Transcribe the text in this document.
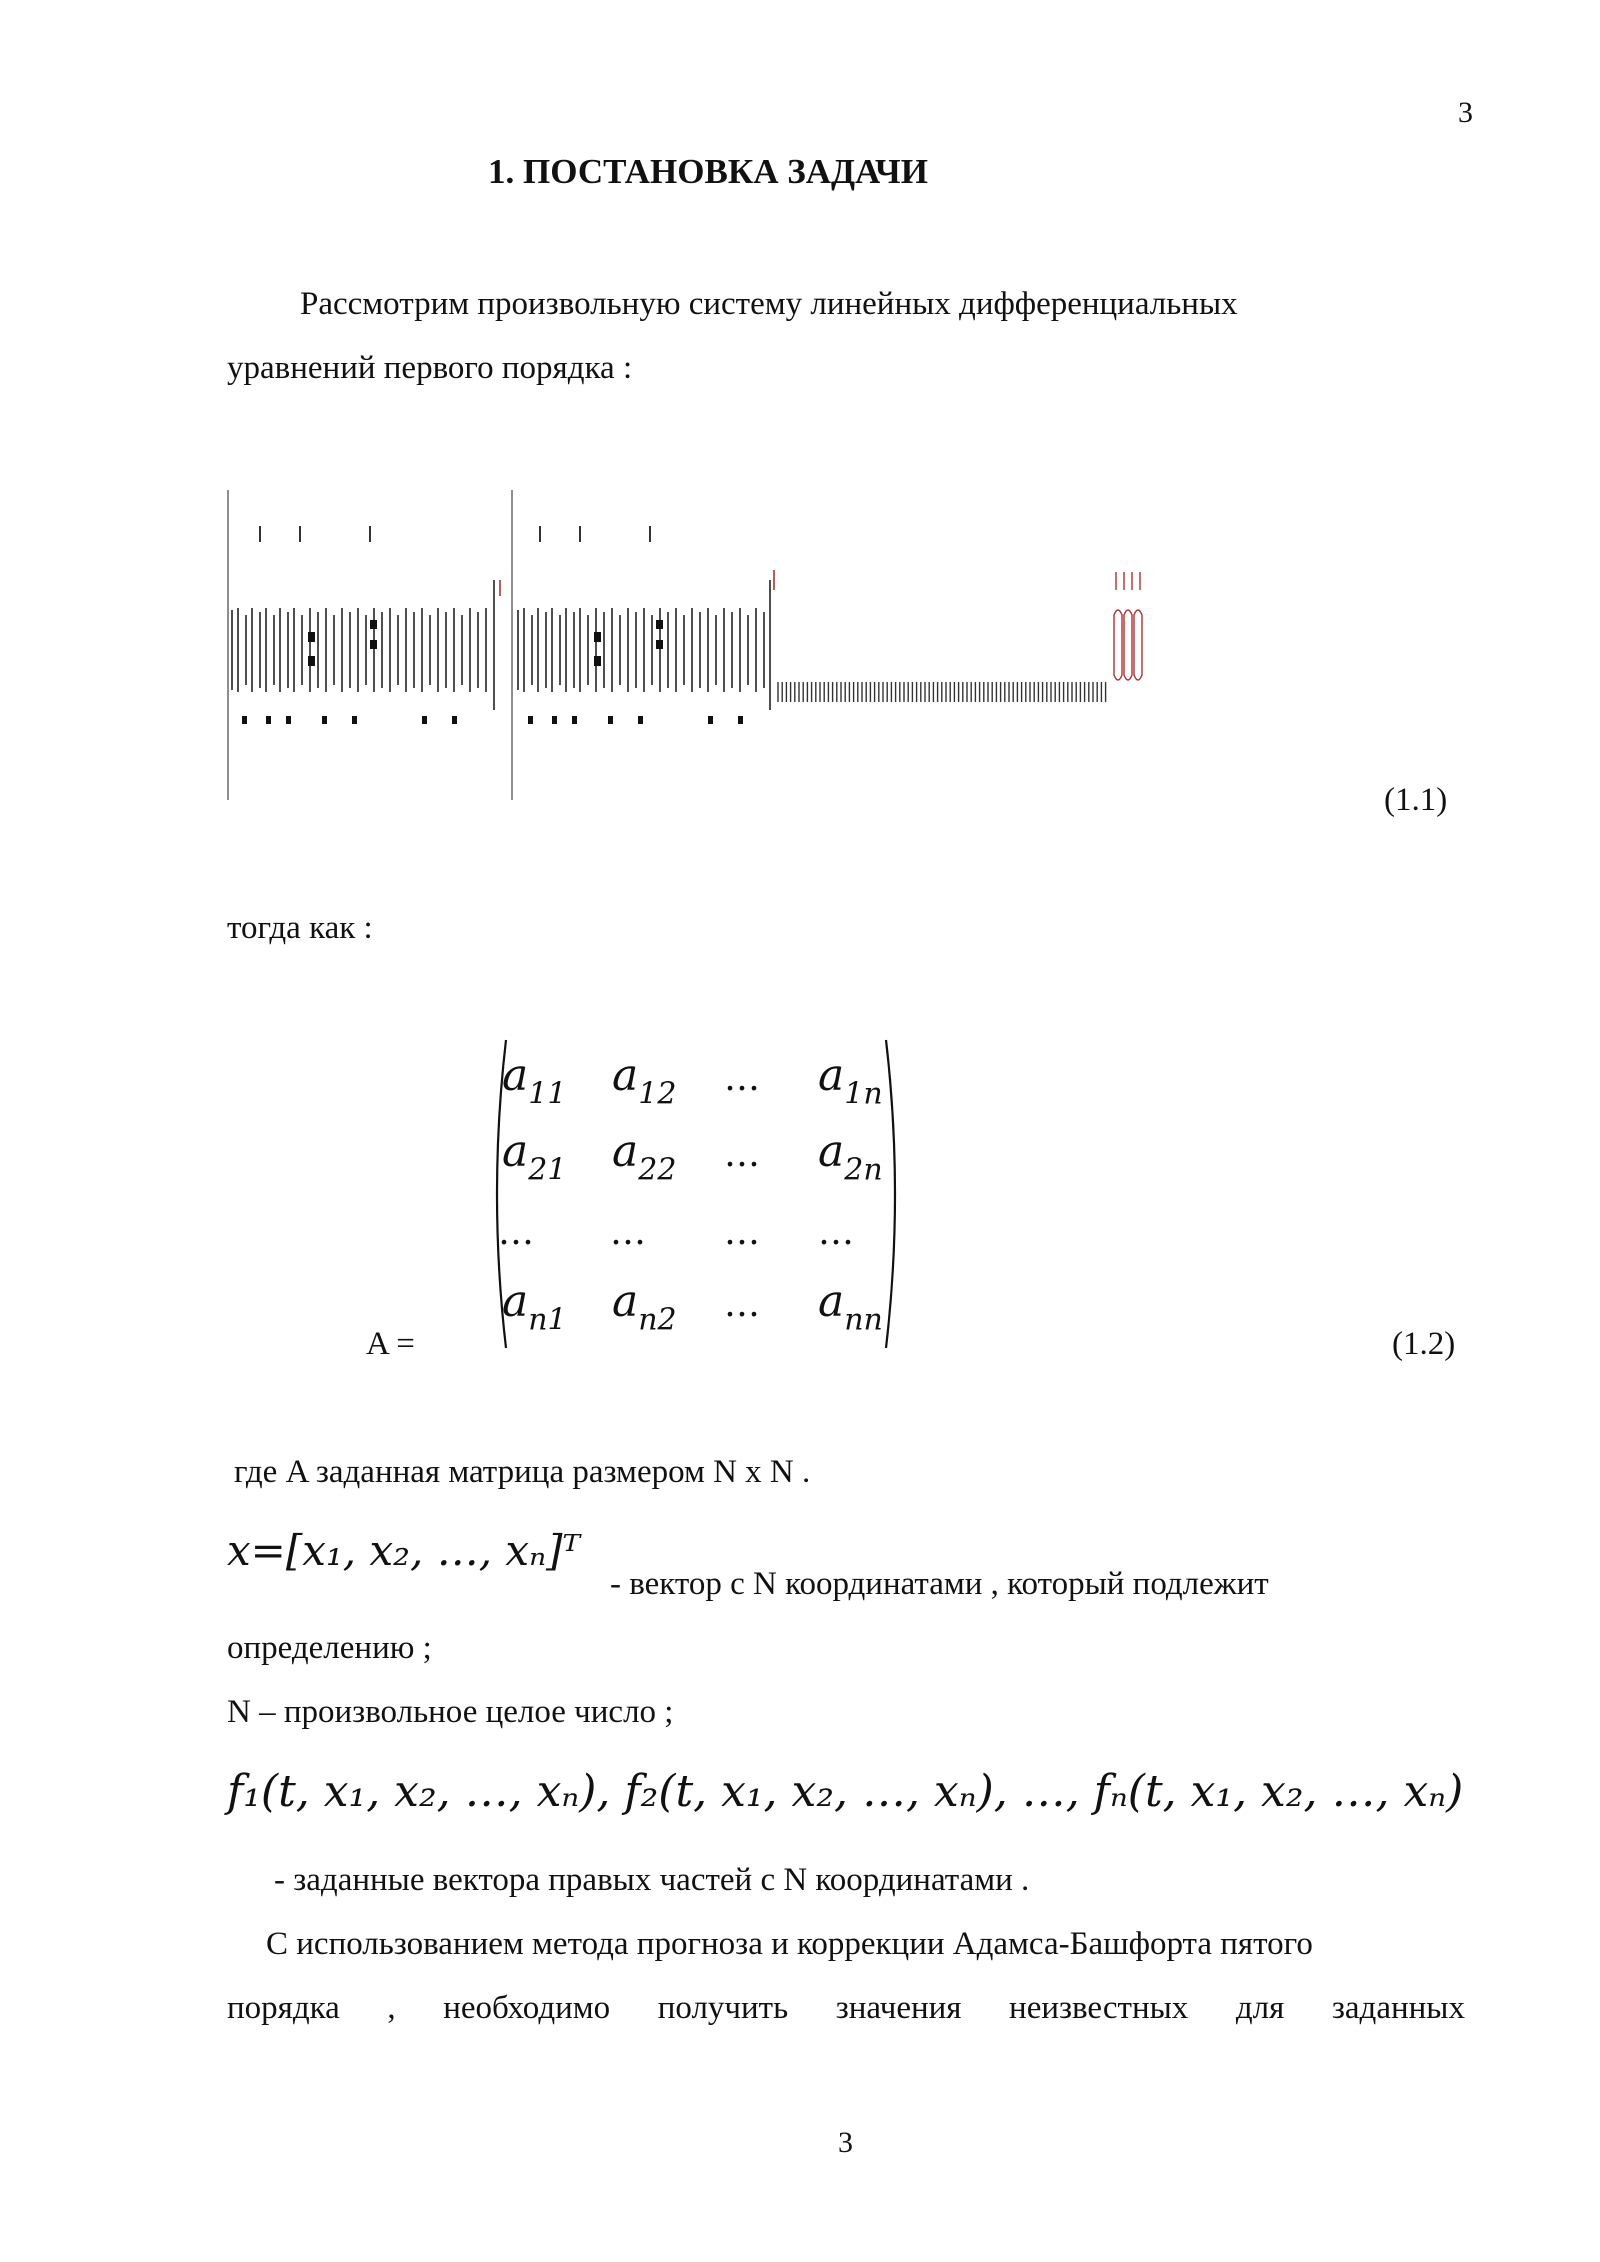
3
1. ПОСТАНОВКА ЗАДАЧИ
Рассмотрим произвольную систему линейных дифференциальных
уравнений первого порядка :
(1.1)
тогда как :
A =
$a_{11}$ $a_{12}$ … $a_{1n}$
$a_{21}$ $a_{22}$ … $a_{2n}$
… … … …
$a_{n1}$ $a_{n2}$ … $a_{nn}$
(1.2)
где A заданная матрица размером N x N .
x=[x₁, x₂, …, xₙ]ᵀ
- вектор с N координатами , который подлежит
определению ;
N – произвольное целое число ;
f₁(t, x₁, x₂, …, xₙ), f₂(t, x₁, x₂, …, xₙ), …, fₙ(t, x₁, x₂, …, xₙ)
- заданные вектора правых частей с N координатами .
С использованием метода прогноза и коррекции Адамса-Башфорта пятого
порядка , необходимо получить значения неизвестных для заданных
3
